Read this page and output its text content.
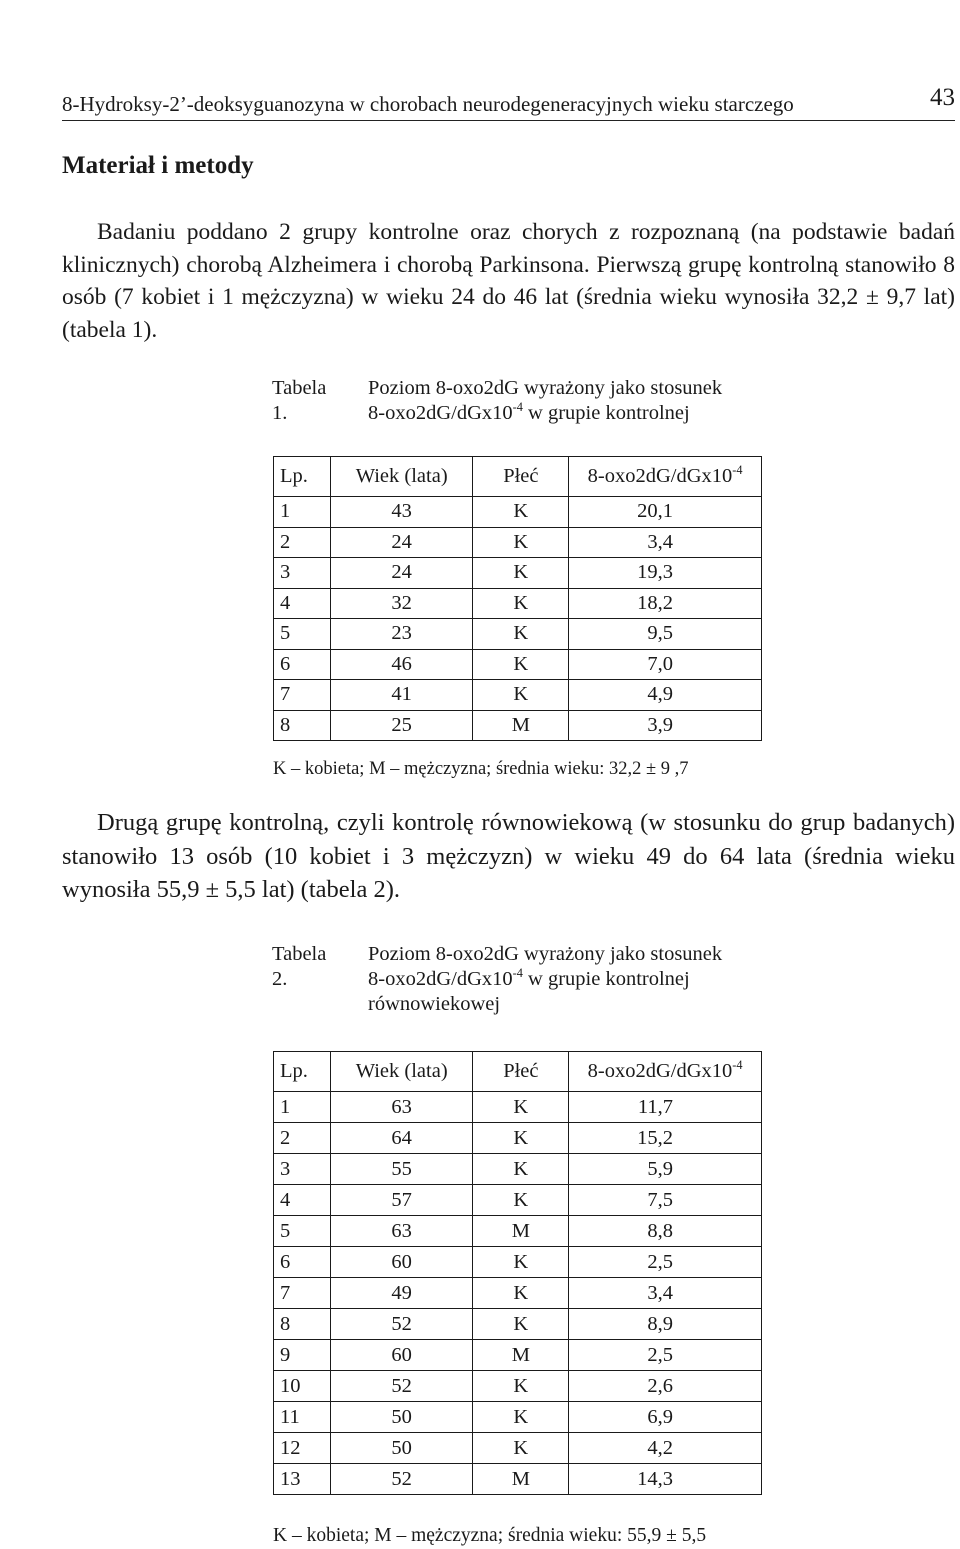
8-Hydroksy-2’-deoksyguanozyna w chorobach neurodegeneracyjnych wieku starczego	43
Materiał i metody

Badaniu poddano 2 grupy kontrolne oraz chorych z rozpoznaną (na podstawie badań klinicznych) chorobą Alzheimera i chorobą Parkinsona. Pierwszą grupę kontrolną stanowiło 8 osób (7 kobiet i 1 mężczyzna) w wieku 24 do 46 lat (średnia wieku wynosiła 32,2 ± 9,7 lat) (tabela 1).

Tabela 1.
Poziom 8-oxo2dG wyrażony jako stosunek
$8-oxo2dG/dGx10^{-4}$ w grupie kontrolnej
Lp.	Wiek (lata)	Płeć	$8-oxo2dG/dGx10^{-4}$
1	43	K	20,1
2	24	K	3,4
3	24	K	19,3
4	32	K	18,2
5	23	K	9,5
6	46	K	7,0
7	41	K	4,9
8	25	M	3,9
K – kobieta; M – mężczyzna; średnia wieku: 32,2 ± 9 ,7

Drugą grupę kontrolną, czyli kontrolę równowiekową (w stosunku do grup badanych) stanowiło 13 osób (10 kobiet i 3 mężczyzn) w wieku 49 do 64 lata (średnia wieku wynosiła 55,9 ± 5,5 lat) (tabela 2).

Tabela 2.
Poziom 8-oxo2dG wyrażony jako stosunek
$8-oxo2dG/dGx10^{-4}$ w grupie kontrolnej
równowiekowej
Lp.	Wiek (lata)	Płeć	$8-oxo2dG/dGx10^{-4}$
1	63	K	11,7
2	64	K	15,2
3	55	K	5,9
4	57	K	7,5
5	63	M	8,8
6	60	K	2,5
7	49	K	3,4
8	52	K	8,9
9	60	M	2,5
10	52	K	2,6
11	50	K	6,9
12	50	K	4,2
13	52	M	14,3
K – kobieta; M – mężczyzna; średnia wieku: 55,9 ± 5,5
